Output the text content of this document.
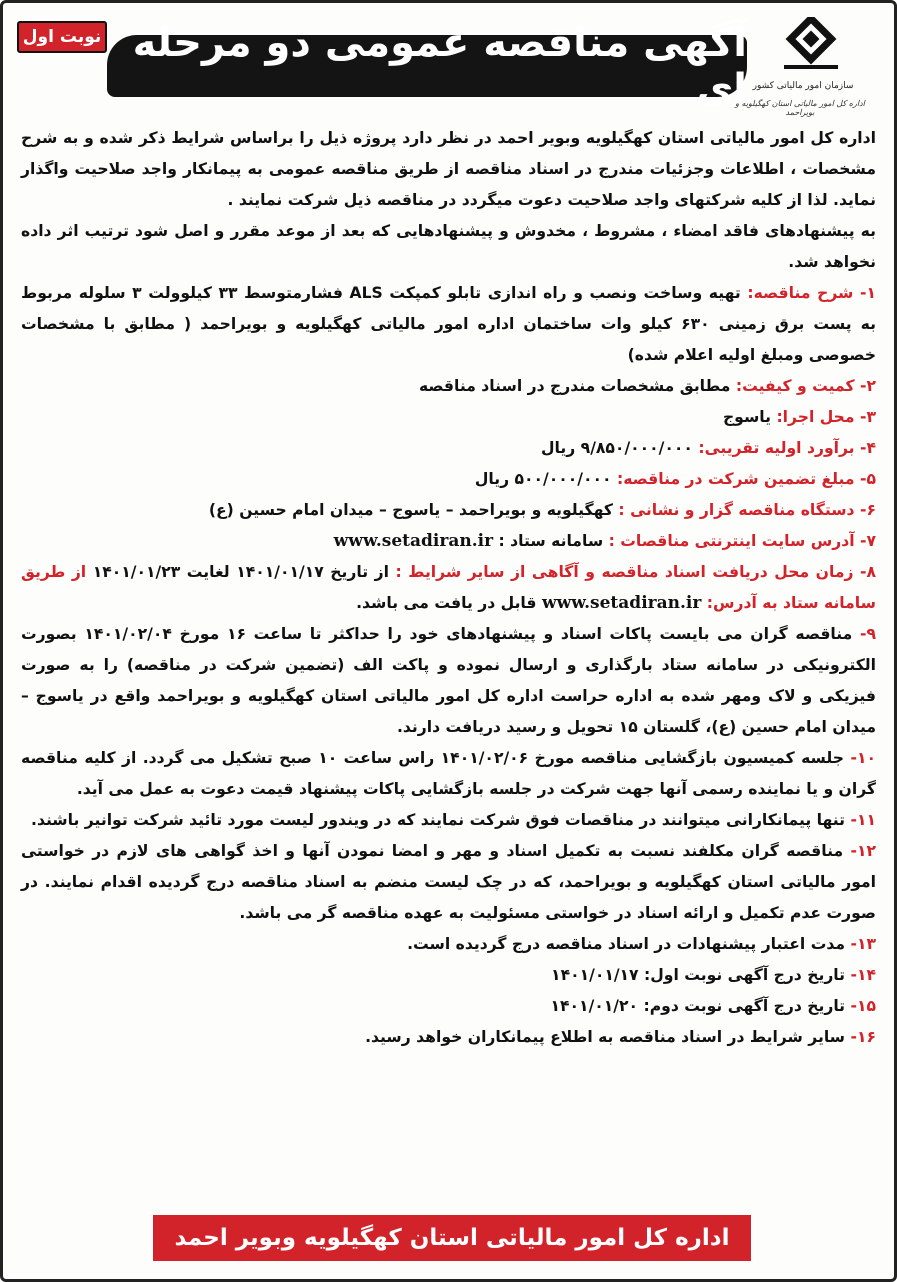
سازمان امور مالیاتی کشور
اداره کل امور مالیاتی استان کهگیلویه و بویراحمد
آگهی مناقصه عمومی دو مرحله ای
نوبت اول

اداره کل امور مالیاتی استان کهگیلویه وبویر احمد در نظر دارد پروژه ذیل را براساس شرایط ذکر شده و به شرح مشخصات ، اطلاعات وجزئیات مندرج در اسناد مناقصه از طریق مناقصه عمومی به پیمانکار واجد صلاحیت واگذار نماید. لذا از کلیه شرکتهای واجد صلاحیت دعوت میگردد در مناقصه ذیل شرکت نمایند .

به پیشنهادهای فاقد امضاء ، مشروط ، مخدوش و پیشنهادهایی که بعد از موعد مقرر و اصل شود ترتیب اثر داده نخواهد شد.

۱- شرح مناقصه: تهیه وساخت ونصب و راه اندازی تابلو کمپکت ALS فشارمتوسط ۳۳ کیلوولت ۳ سلوله مربوط به پست برق زمینی ۶۳۰ کیلو وات ساختمان اداره امور مالیاتی کهگیلویه و بویراحمد ( مطابق با مشخصات خصوصی ومبلغ اولیه اعلام شده)

۲- کمیت و کیفیت: مطابق مشخصات مندرج در اسناد مناقصه

۳- محل اجرا: یاسوج

۴- برآورد اولیه تقریبی: ۹/۸۵۰/۰۰۰/۰۰۰ ریال

۵- مبلغ تضمین شرکت در مناقصه: ۵۰۰/۰۰۰/۰۰۰ ریال

۶- دستگاه مناقصه گزار و نشانی : کهگیلویه و بویراحمد – یاسوج – میدان امام حسین (ع)

۷- آدرس سایت اینترنتی مناقصات : سامانه ستاد : www.setadiran.ir

۸- زمان محل دریافت اسناد مناقصه و آگاهی از سایر شرایط : از تاریخ ۱۴۰۱/۰۱/۱۷ لغایت ۱۴۰۱/۰۱/۲۳ از طریق سامانه ستاد به آدرس: www.setadiran.ir قابل در یافت می باشد.

۹- مناقصه گران می بایست پاکات اسناد و پیشنهادهای خود را حداکثر تا ساعت ۱۶ مورخ ۱۴۰۱/۰۲/۰۴ بصورت الکترونیکی در سامانه ستاد بارگذاری و ارسال نموده و پاکت الف (تضمین شرکت در مناقصه) را به صورت فیزیکی و لاک ومهر شده به اداره حراست اداره کل امور مالیاتی استان کهگیلویه و بویراحمد واقع در یاسوج – میدان امام حسین (ع)، گلستان ۱۵ تحویل و رسید دریافت دارند.

۱۰- جلسه کمیسیون بازگشایی مناقصه مورخ ۱۴۰۱/۰۲/۰۶ راس ساعت ۱۰ صبح تشکیل می گردد. از کلیه مناقصه گران و یا نماینده رسمی آنها جهت شرکت در جلسه بازگشایی پاکات پیشنهاد قیمت دعوت به عمل می آید.

۱۱- تنها پیمانکارانی میتوانند در مناقصات فوق شرکت نمایند که در ویندور لیست مورد تائید شرکت توانیر باشند.

۱۲- مناقصه گران مکلفند نسبت به تکمیل اسناد و مهر و امضا نمودن آنها و اخذ گواهی های لازم در خواستی امور مالیاتی استان کهگیلویه و بویراحمد، که در چک لیست منضم به اسناد مناقصه درج گردیده اقدام نمایند. در صورت عدم تکمیل و ارائه اسناد در خواستی مسئولیت به عهده مناقصه گر می باشد.

۱۳- مدت اعتبار پیشنهادات در اسناد مناقصه درج گردیده است.

۱۴- تاریخ درج آگهی نوبت اول: ۱۴۰۱/۰۱/۱۷

۱۵- تاریخ درج آگهی نوبت دوم: ۱۴۰۱/۰۱/۲۰

۱۶- سایر شرایط در اسناد مناقصه به اطلاع پیمانکاران خواهد رسید.

اداره کل امور مالیاتی استان کهگیلویه وبویر احمد
